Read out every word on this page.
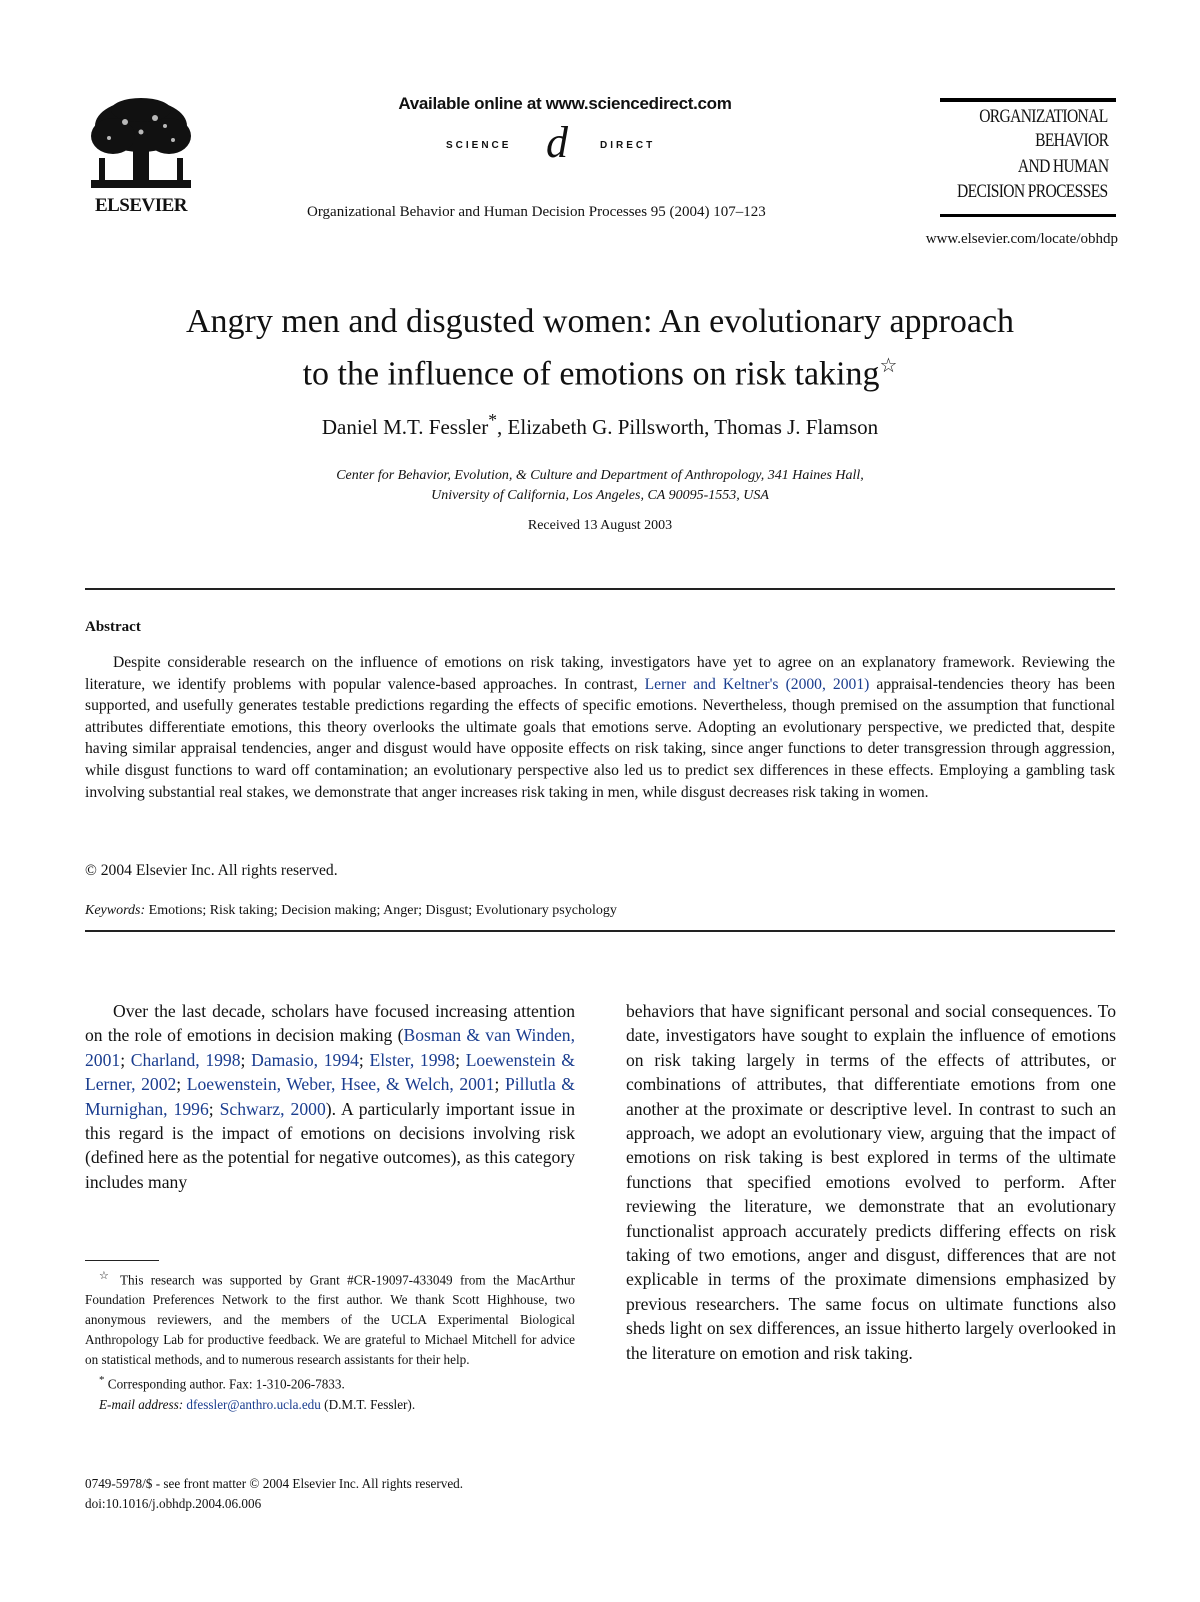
ELSEVIER
Available online at www.sciencedirect.com
SCIENCE d	DIRECT
Organizational Behavior and Human Decision Processes 95 (2004) 107–123
ORGANIZATIONAL
BEHAVIOR
AND HUMAN
DECISION PROCESSES
www.elsevier.com/locate/obhdp
Angry men and disgusted women: An evolutionary approach
to the influence of emotions on risk taking☆
Daniel M.T. Fessler*, Elizabeth G. Pillsworth, Thomas J. Flamson
Center for Behavior, Evolution, & Culture and Department of Anthropology, 341 Haines Hall,
University of California, Los Angeles, CA 90095-1553, USA
Received 13 August 2003
Abstract
Despite considerable research on the influence of emotions on risk taking, investigators have yet to agree on an explanatory framework. Reviewing the literature, we identify problems with popular valence-based approaches. In contrast, Lerner and Keltner's (2000, 2001) appraisal-tendencies theory has been supported, and usefully generates testable predictions regarding the effects of specific emotions. Nevertheless, though premised on the assumption that functional attributes differentiate emotions, this theory overlooks the ultimate goals that emotions serve. Adopting an evolutionary perspective, we predicted that, despite having similar appraisal tendencies, anger and disgust would have opposite effects on risk taking, since anger functions to deter transgression through aggression, while disgust functions to ward off contamination; an evolutionary perspective also led us to predict sex differences in these effects. Employing a gambling task involving substantial real stakes, we demonstrate that anger increases risk taking in men, while disgust decreases risk taking in women.
© 2004 Elsevier Inc. All rights reserved.
Keywords: Emotions; Risk taking; Decision making; Anger; Disgust; Evolutionary psychology

Over the last decade, scholars have focused increasing attention on the role of emotions in decision making (Bosman & van Winden, 2001; Charland, 1998; Damasio, 1994; Elster, 1998; Loewenstein & Lerner, 2002; Loewenstein, Weber, Hsee, & Welch, 2001; Pillutla & Murnighan, 1996; Schwarz, 2000). A particularly important issue in this regard is the impact of emotions on decisions involving risk (defined here as the potential for negative outcomes), as this category includes many

behaviors that have significant personal and social consequences. To date, investigators have sought to explain the influence of emotions on risk taking largely in terms of the effects of attributes, or combinations of attributes, that differentiate emotions from one another at the proximate or descriptive level. In contrast to such an approach, we adopt an evolutionary view, arguing that the impact of emotions on risk taking is best explored in terms of the ultimate functions that specified emotions evolved to perform. After reviewing the literature, we demonstrate that an evolutionary functionalist approach accurately predicts differing effects on risk taking of two emotions, anger and disgust, differences that are not explicable in terms of the proximate dimensions emphasized by previous researchers. The same focus on ultimate functions also sheds light on sex differences, an issue hitherto largely overlooked in the literature on emotion and risk taking.

☆ This research was supported by Grant #CR-19097-433049 from the MacArthur Foundation Preferences Network to the first author. We thank Scott Highhouse, two anonymous reviewers, and the members of the UCLA Experimental Biological Anthropology Lab for productive feedback. We are grateful to Michael Mitchell for advice on statistical methods, and to numerous research assistants for their help.

* Corresponding author. Fax: 1-310-206-7833.

E-mail address: dfessler@anthro.ucla.edu (D.M.T. Fessler).

0749-5978/$ - see front matter © 2004 Elsevier Inc. All rights reserved.
doi:10.1016/j.obhdp.2004.06.006
